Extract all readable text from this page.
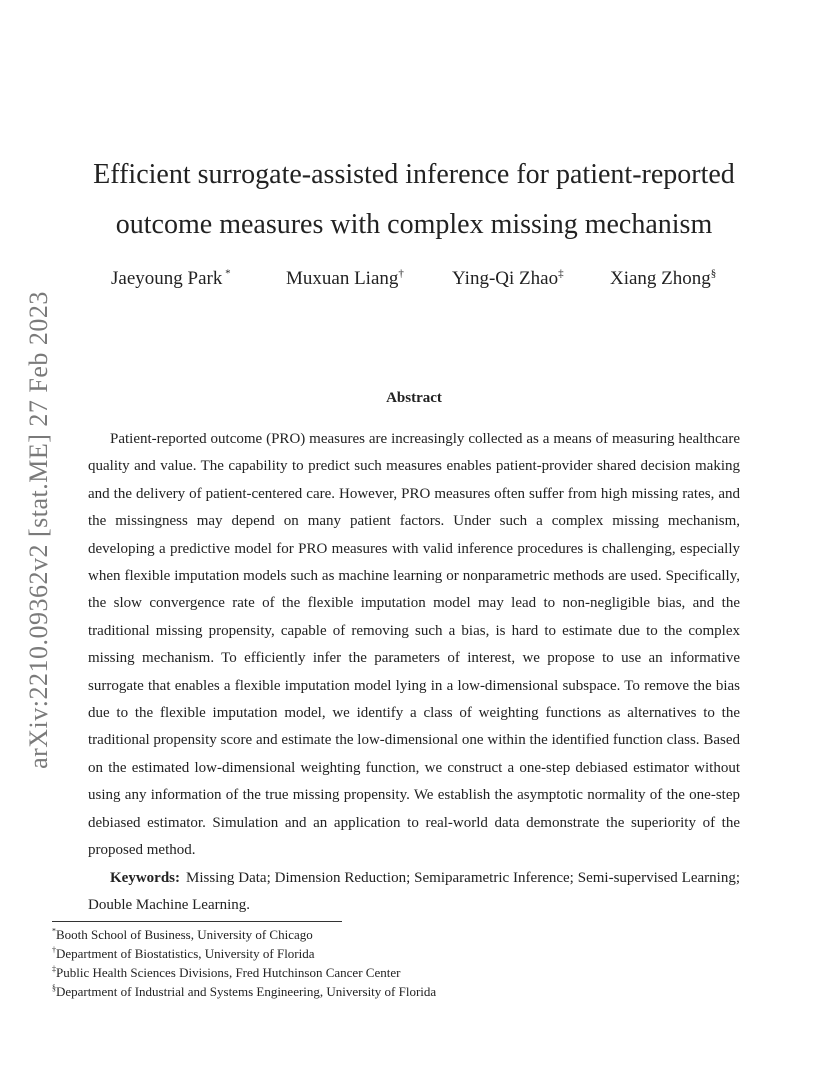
arXiv:2210.09362v2 [stat.ME] 27 Feb 2023
Efficient surrogate-assisted inference for patient-reported outcome measures with complex missing mechanism
Jaeyoung Park *	Muxuan Liang†	Ying-Qi Zhao‡ Xiang Zhong§
Abstract

Patient-reported outcome (PRO) measures are increasingly collected as a means of measuring healthcare quality and value. The capability to predict such measures enables patient-provider shared decision making and the delivery of patient-centered care. However, PRO measures often suffer from high missing rates, and the missingness may depend on many patient factors. Under such a complex missing mechanism, developing a predictive model for PRO measures with valid inference procedures is challenging, especially when flexible imputation models such as machine learning or nonparametric methods are used. Specifically, the slow convergence rate of the flexible imputation model may lead to non-negligible bias, and the traditional missing propensity, capable of removing such a bias, is hard to estimate due to the complex missing mechanism. To efficiently infer the parameters of interest, we propose to use an informative surrogate that enables a flexible imputation model lying in a low-dimensional subspace. To remove the bias due to the flexible imputation model, we identify a class of weighting functions as alternatives to the traditional propensity score and estimate the low-dimensional one within the identified function class. Based on the estimated low-dimensional weighting function, we construct a one-step debiased estimator without using any information of the true missing propensity. We establish the asymptotic normality of the one-step debiased estimator. Simulation and an application to real-world data demonstrate the superiority of the proposed method.

Keywords: Missing Data; Dimension Reduction; Semiparametric Inference; Semi-supervised Learning; Double Machine Learning.
*Booth School of Business, University of Chicago
†Department of Biostatistics, University of Florida
‡Public Health Sciences Divisions, Fred Hutchinson Cancer Center
§Department of Industrial and Systems Engineering, University of Florida
